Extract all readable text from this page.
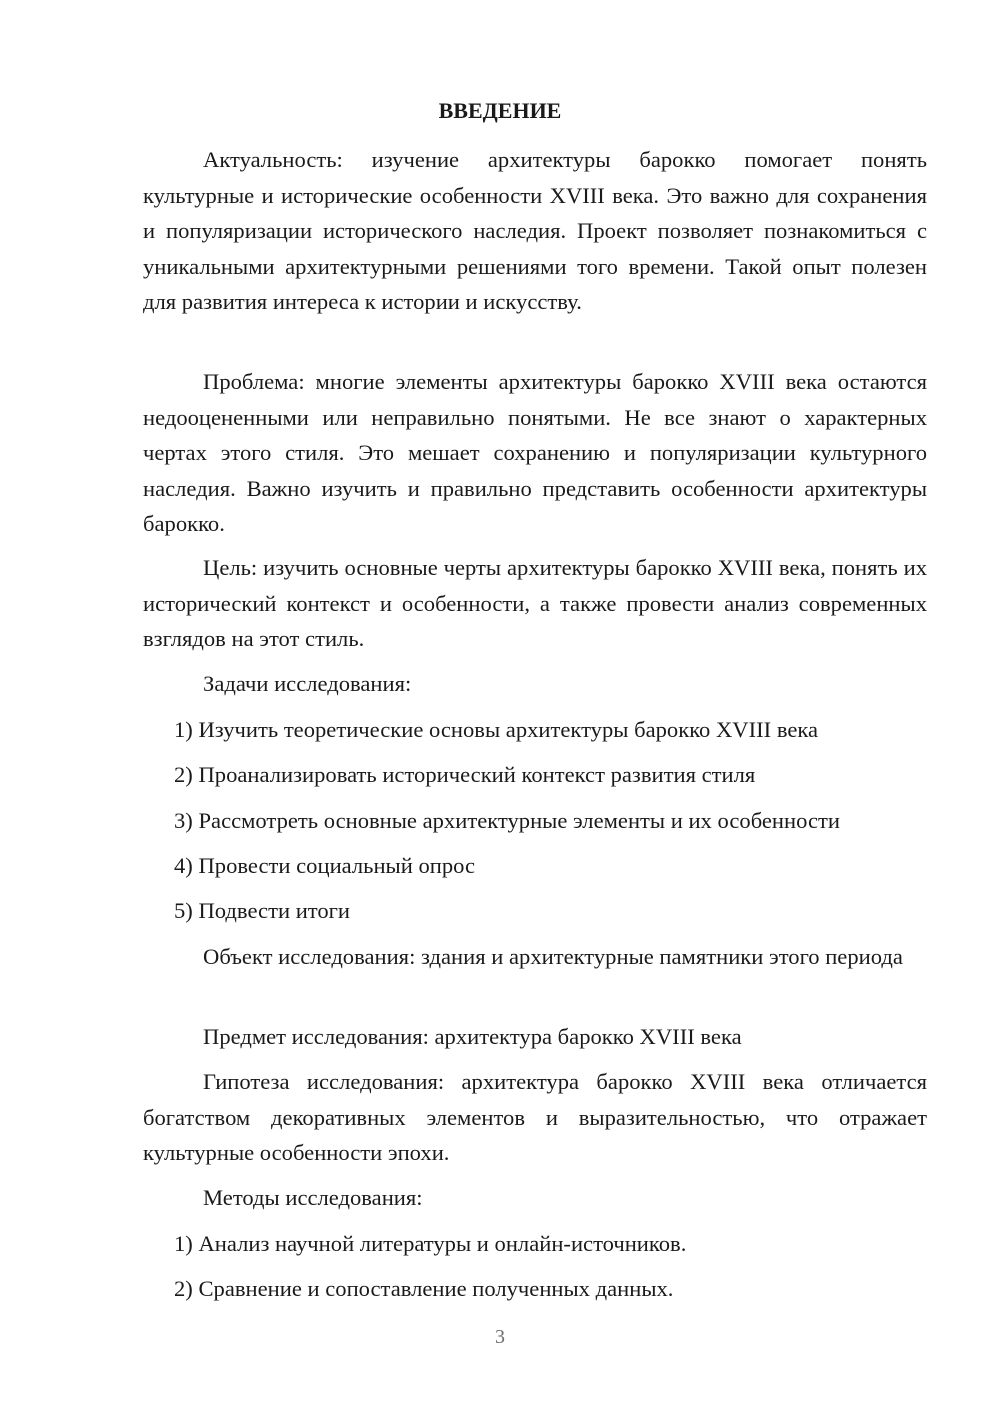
ВВЕДЕНИЕ

Актуальность: изучение архитектуры барокко помогает понять культурные и исторические особенности XVIII века. Это важно для сохранения и популяризации исторического наследия. Проект позволяет познакомиться с уникальными архитектурными решениями того времени. Такой опыт полезен для развития интереса к истории и искусству.

Проблема: многие элементы архитектуры барокко XVIII века остаются недооцененными или неправильно понятыми. Не все знают о характерных чертах этого стиля. Это мешает сохранению и популяризации культурного наследия. Важно изучить и правильно представить особенности архитектуры барокко.

Цель: изучить основные черты архитектуры барокко XVIII века, понять их исторический контекст и особенности, а также провести анализ современных взглядов на этот стиль.

Задачи исследования:
1) Изучить теоретические основы архитектуры барокко XVIII века
2) Проанализировать исторический контекст развития стиля
3) Рассмотреть основные архитектурные элементы и их особенности
4) Провести социальный опрос
5) Подвести итоги

Объект исследования: здания и архитектурные памятники этого периода

Предмет исследования: архитектура барокко XVIII века

Гипотеза исследования: архитектура барокко XVIII века отличается богатством декоративных элементов и выразительностью, что отражает культурные особенности эпохи.

Методы исследования:
1) Анализ научной литературы и онлайн-источников.
2) Сравнение и сопоставление полученных данных.
3
